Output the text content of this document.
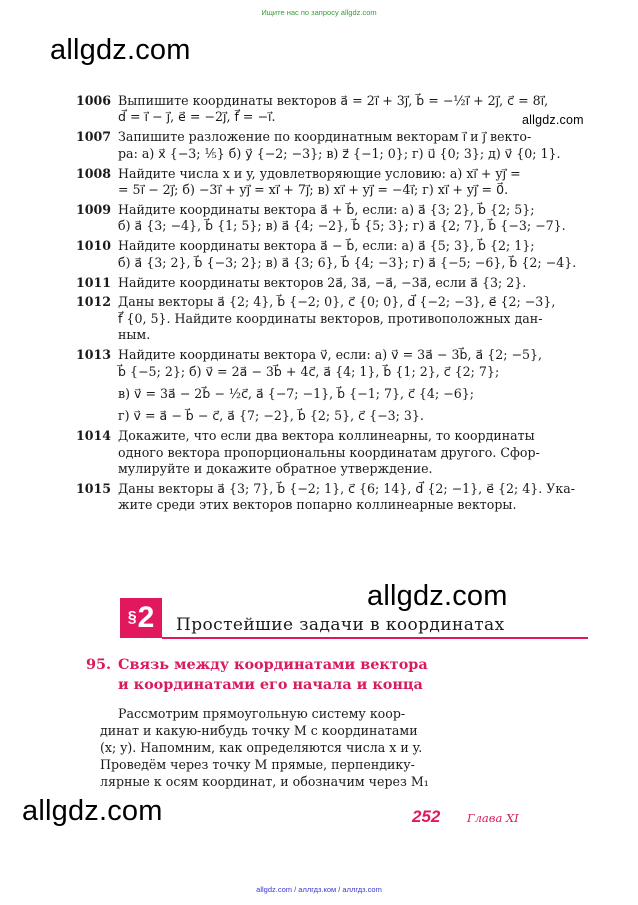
Ищите нас по запросу allgdz.com
allgdz.com
allgdz.com
allgdz.com
allgdz.com
1006 Выпишите координаты векторов a⃗ = 2i⃗ + 3j⃗, b⃗ = −½i⃗ + 2j⃗, c⃗ = 8i⃗,
d⃗ = i⃗ − j⃗, e⃗ = −2j⃗, f⃗ = −i⃗.
1007 Запишите разложение по координатным векторам i⃗ и j⃗ векто-
ра: а) x⃗ {−3; ⅕} б) y⃗ {−2; −3}; в) z⃗ {−1; 0}; г) u⃗ {0; 3}; д) v⃗ {0; 1}.
1008 Найдите числа x и y, удовлетворяющие условию: а) xi⃗ + yj⃗ =
= 5i⃗ − 2j⃗; б) −3i⃗ + yj⃗ = xi⃗ + 7j⃗; в) xi⃗ + yj⃗ = −4i⃗; г) xi⃗ + yj⃗ = 0⃗.
1009 Найдите координаты вектора a⃗ + b⃗, если: а) a⃗ {3; 2}, b⃗ {2; 5};
б) a⃗ {3; −4}, b⃗ {1; 5}; в) a⃗ {4; −2}, b⃗ {5; 3}; г) a⃗ {2; 7}, b⃗ {−3; −7}.
1010 Найдите координаты вектора a⃗ − b⃗, если: а) a⃗ {5; 3}, b⃗ {2; 1};
б) a⃗ {3; 2}, b⃗ {−3; 2}; в) a⃗ {3; 6}, b⃗ {4; −3}; г) a⃗ {−5; −6}, b⃗ {2; −4}.
1011 Найдите координаты векторов 2a⃗, 3a⃗, −a⃗, −3a⃗, если a⃗ {3; 2}.
1012 Даны векторы a⃗ {2; 4}, b⃗ {−2; 0}, c⃗ {0; 0}, d⃗ {−2; −3}, e⃗ {2; −3},
f⃗ {0, 5}. Найдите координаты векторов, противоположных дан-
ным.
1013 Найдите координаты вектора v⃗, если: а) v⃗ = 3a⃗ − 3b⃗, a⃗ {2; −5},
b⃗ {−5; 2}; б) v⃗ = 2a⃗ − 3b⃗ + 4c⃗, a⃗ {4; 1}, b⃗ {1; 2}, c⃗ {2; 7};
в) v⃗ = 3a⃗ − 2b⃗ − ½c⃗, a⃗ {−7; −1}, b⃗ {−1; 7}, c⃗ {4; −6};
г) v⃗ = a⃗ − b⃗ − c⃗, a⃗ {7; −2}, b⃗ {2; 5}, c⃗ {−3; 3}.
1014 Докажите, что если два вектора коллинеарны, то координаты
одного вектора пропорциональны координатам другого. Сфор-
мулируйте и докажите обратное утверждение.
1015 Даны векторы a⃗ {3; 7}, b⃗ {−2; 1}, c⃗ {6; 14}, d⃗ {2; −1}, e⃗ {2; 4}. Ука-
жите среди этих векторов попарно коллинеарные векторы.
§ 2 Простейшие задачи в координатах
95. Связь между координатами вектора
и координатами его начала и конца
Рассмотрим прямоугольную систему коор-
динат и какую-нибудь точку M с координатами
(x; y). Напомним, как определяются числа x и y.
Проведём через точку M прямые, перпендику-
лярные к осям координат, и обозначим через M₁
252 Глава XI
allgdz.com / аллгдз.ком / аллгдз.com
